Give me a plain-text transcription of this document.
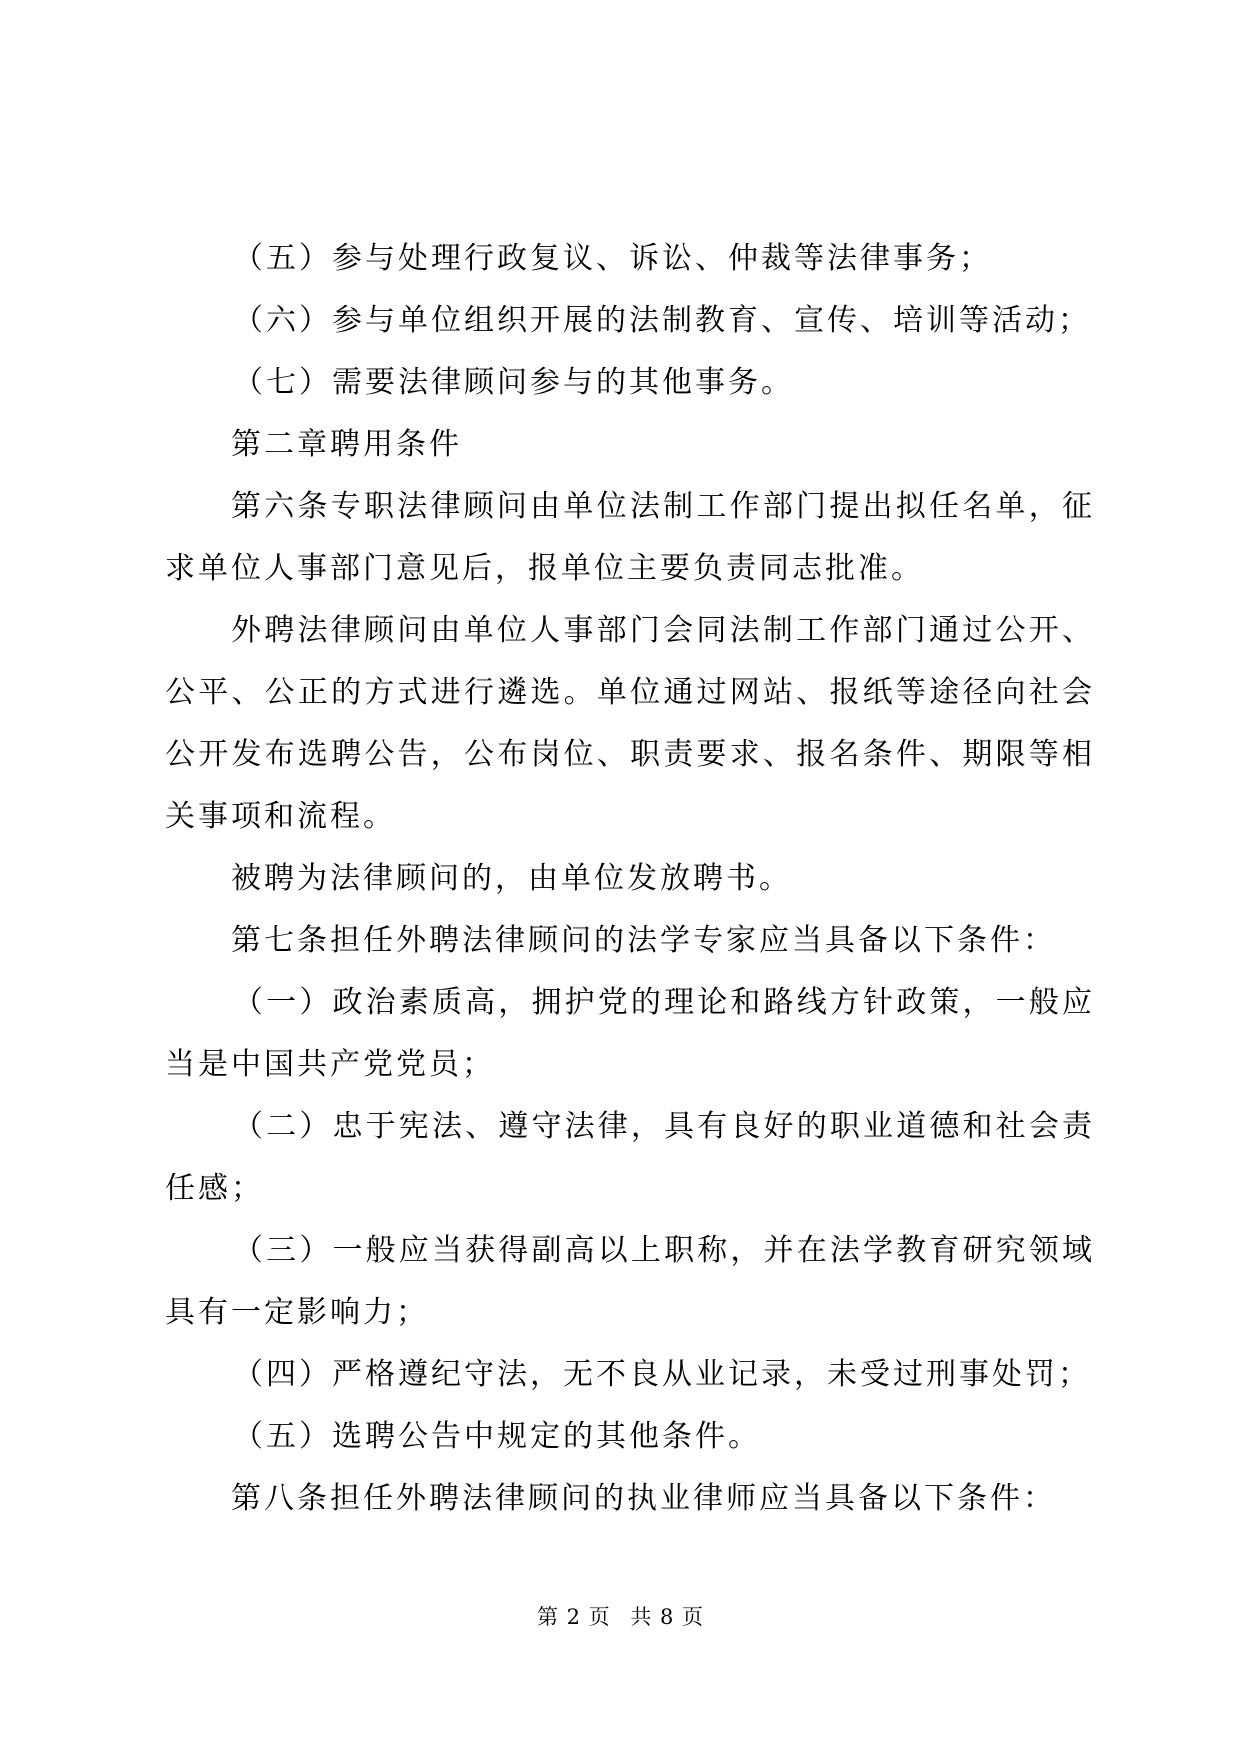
（五）参与处理行政复议、诉讼、仲裁等法律事务；

（六）参与单位组织开展的法制教育、宣传、培训等活动；

（七）需要法律顾问参与的其他事务。

第二章聘用条件

第六条专职法律顾问由单位法制工作部门提出拟任名单，征求单位人事部门意见后，报单位主要负责同志批准。

外聘法律顾问由单位人事部门会同法制工作部门通过公开、公平、公正的方式进行遴选。单位通过网站、报纸等途径向社会公开发布选聘公告，公布岗位、职责要求、报名条件、期限等相关事项和流程。

被聘为法律顾问的，由单位发放聘书。

第七条担任外聘法律顾问的法学专家应当具备以下条件：

（一）政治素质高，拥护党的理论和路线方针政策，一般应当是中国共产党党员；

（二）忠于宪法、遵守法律，具有良好的职业道德和社会责任感；

（三）一般应当获得副高以上职称，并在法学教育研究领域具有一定影响力；

（四）严格遵纪守法，无不良从业记录，未受过刑事处罚；

（五）选聘公告中规定的其他条件。

第八条担任外聘法律顾问的执业律师应当具备以下条件：

第 2 页 共 8 页
